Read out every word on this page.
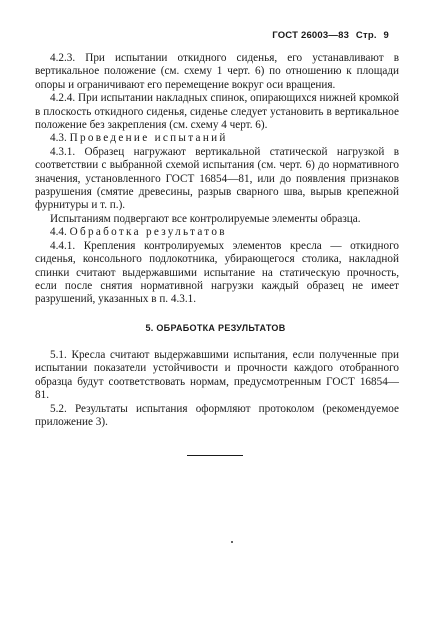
ГОСТ 26003—83 Стр. 9

4.2.3. При испытании откидного сиденья, его устанавливают в вертикальное положение (см. схему 1 черт. 6) по отношению к площади опоры и ограничивают его перемещение вокруг оси вращения.

4.2.4. При испытании накладных спинок, опирающихся нижней кромкой в плоскость откидного сиденья, сиденье следует установить в вертикальное положение без закрепления (см. схему 4 черт. 6).

4.3. Проведение испытаний

4.3.1. Образец нагружают вертикальной статической нагрузкой в соответствии с выбранной схемой испытания (см. черт. 6) до нормативного значения, установленного ГОСТ 16854—81, или до появления признаков разрушения (смятие древесины, разрыв сварного шва, вырыв крепежной фурнитуры и т. п.).

Испытаниям подвергают все контролируемые элементы образца.

4.4. Обработка результатов

4.4.1. Крепления контролируемых элементов кресла — откидного сиденья, консольного подлокотника, убирающегося столика, накладной спинки считают выдержавшими испытание на статическую прочность, если после снятия нормативной нагрузки каждый образец не имеет разрушений, указанных в п. 4.3.1.

5. ОБРАБОТКА РЕЗУЛЬТАТОВ

5.1. Кресла считают выдержавшими испытания, если полученные при испытании показатели устойчивости и прочности каждого отобранного образца будут соответствовать нормам, предусмотренным ГОСТ 16854—81.

5.2. Результаты испытания оформляют протоколом (рекомендуемое приложение 3).
